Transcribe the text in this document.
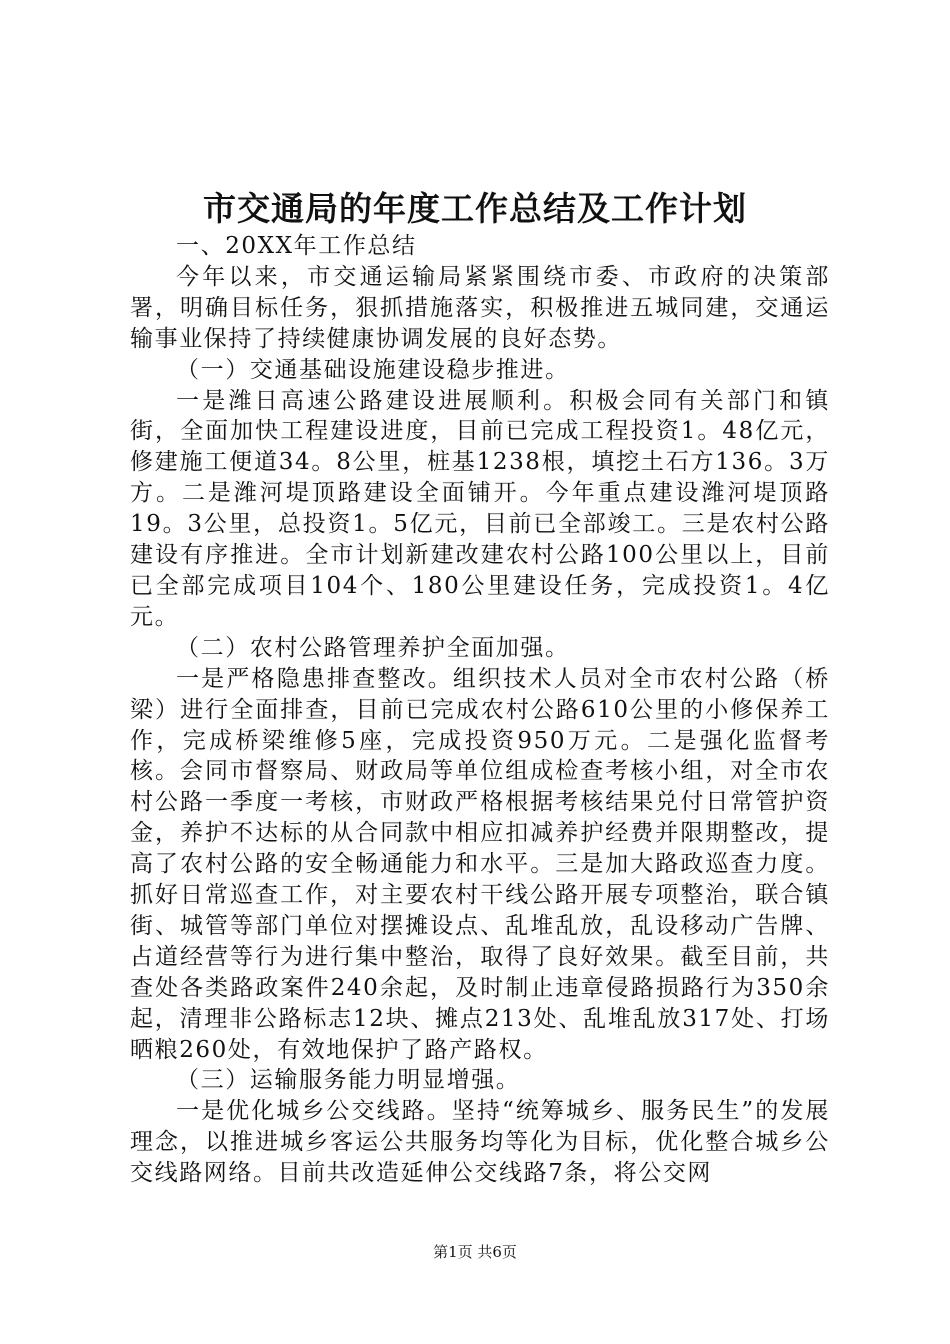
市交通局的年度工作总结及工作计划

一、20XX年工作总结

今年以来，市交通运输局紧紧围绕市委、市政府的决策部署，明确目标任务，狠抓措施落实，积极推进五城同建，交通运输事业保持了持续健康协调发展的良好态势。

（一）交通基础设施建设稳步推进。

一是潍日高速公路建设进展顺利。积极会同有关部门和镇街，全面加快工程建设进度，目前已完成工程投资1。48亿元，修建施工便道34。8公里，桩基1238根，填挖土石方136。3万方。二是潍河堤顶路建设全面铺开。今年重点建设潍河堤顶路19。3公里，总投资1。5亿元，目前已全部竣工。三是农村公路建设有序推进。全市计划新建改建农村公路100公里以上，目前已全部完成项目104个、180公里建设任务，完成投资1。4亿元。

（二）农村公路管理养护全面加强。

一是严格隐患排查整改。组织技术人员对全市农村公路（桥梁）进行全面排查，目前已完成农村公路610公里的小修保养工作，完成桥梁维修5座，完成投资950万元。二是强化监督考核。会同市督察局、财政局等单位组成检查考核小组，对全市农村公路一季度一考核，市财政严格根据考核结果兑付日常管护资金，养护不达标的从合同款中相应扣减养护经费并限期整改，提高了农村公路的安全畅通能力和水平。三是加大路政巡查力度。抓好日常巡查工作，对主要农村干线公路开展专项整治，联合镇街、城管等部门单位对摆摊设点、乱堆乱放，乱设移动广告牌、占道经营等行为进行集中整治，取得了良好效果。截至目前，共查处各类路政案件240余起，及时制止违章侵路损路行为350余起，清理非公路标志12块、摊点213处、乱堆乱放317处、打场晒粮260处，有效地保护了路产路权。

（三）运输服务能力明显增强。

一是优化城乡公交线路。坚持“统筹城乡、服务民生”的发展理念，以推进城乡客运公共服务均等化为目标，优化整合城乡公交线路网络。目前共改造延伸公交线路7条，将公交网

第1页 共6页
